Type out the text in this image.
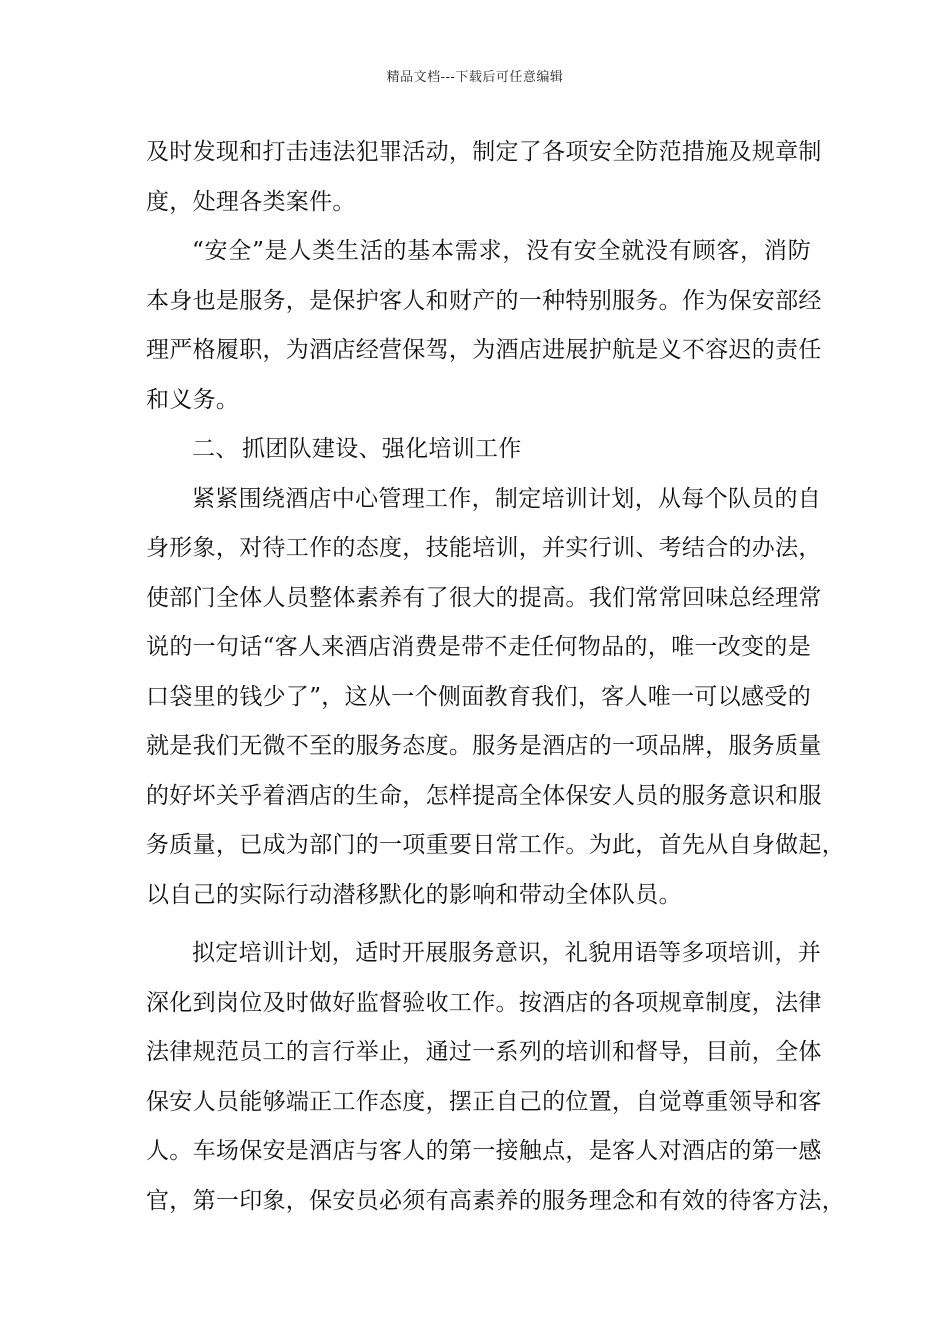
精品文档---下载后可任意编辑
及时发现和打击违法犯罪活动，制定了各项安全防范措施及规章制
度，处理各类案件。
“安全”是人类生活的基本需求，没有安全就没有顾客，消防
本身也是服务，是保护客人和财产的一种特别服务。作为保安部经
理严格履职，为酒店经营保驾，为酒店进展护航是义不容迟的责任
和义务。
二、 抓团队建设、强化培训工作
紧紧围绕酒店中心管理工作，制定培训计划，从每个队员的自
身形象，对待工作的态度，技能培训，并实行训、考结合的办法，
使部门全体人员整体素养有了很大的提高。我们常常回味总经理常
说的一句话“客人来酒店消费是带不走任何物品的，唯一改变的是
口袋里的钱少了”，这从一个侧面教育我们，客人唯一可以感受的
就是我们无微不至的服务态度。服务是酒店的一项品牌，服务质量
的好坏关乎着酒店的生命，怎样提高全体保安人员的服务意识和服
务质量，已成为部门的一项重要日常工作。为此，首先从自身做起，
以自己的实际行动潜移默化的影响和带动全体队员。
拟定培训计划，适时开展服务意识，礼貌用语等多项培训，并
深化到岗位及时做好监督验收工作。按酒店的各项规章制度，法律
法律规范员工的言行举止，通过一系列的培训和督导，目前，全体
保安人员能够端正工作态度，摆正自己的位置，自觉尊重领导和客
人。车场保安是酒店与客人的第一接触点，是客人对酒店的第一感
官，第一印象，保安员必须有高素养的服务理念和有效的待客方法，
